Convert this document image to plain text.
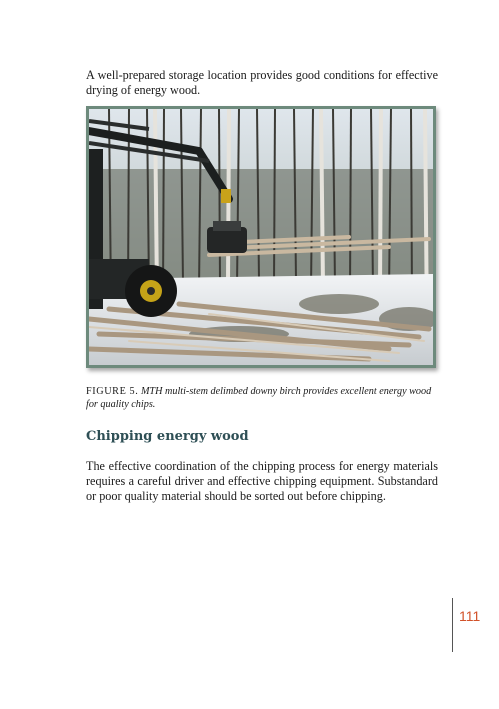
A well-prepared storage location provides good conditions for effective drying of energy wood.

FIGURE 5. MTH multi-stem delimbed downy birch provides excellent energy wood for quality chips.

Chipping energy wood

The effective coordination of the chipping process for energy materials requires a careful driver and effective chipping equipment. Substandard or poor quality material should be sorted out before chipping.

111
